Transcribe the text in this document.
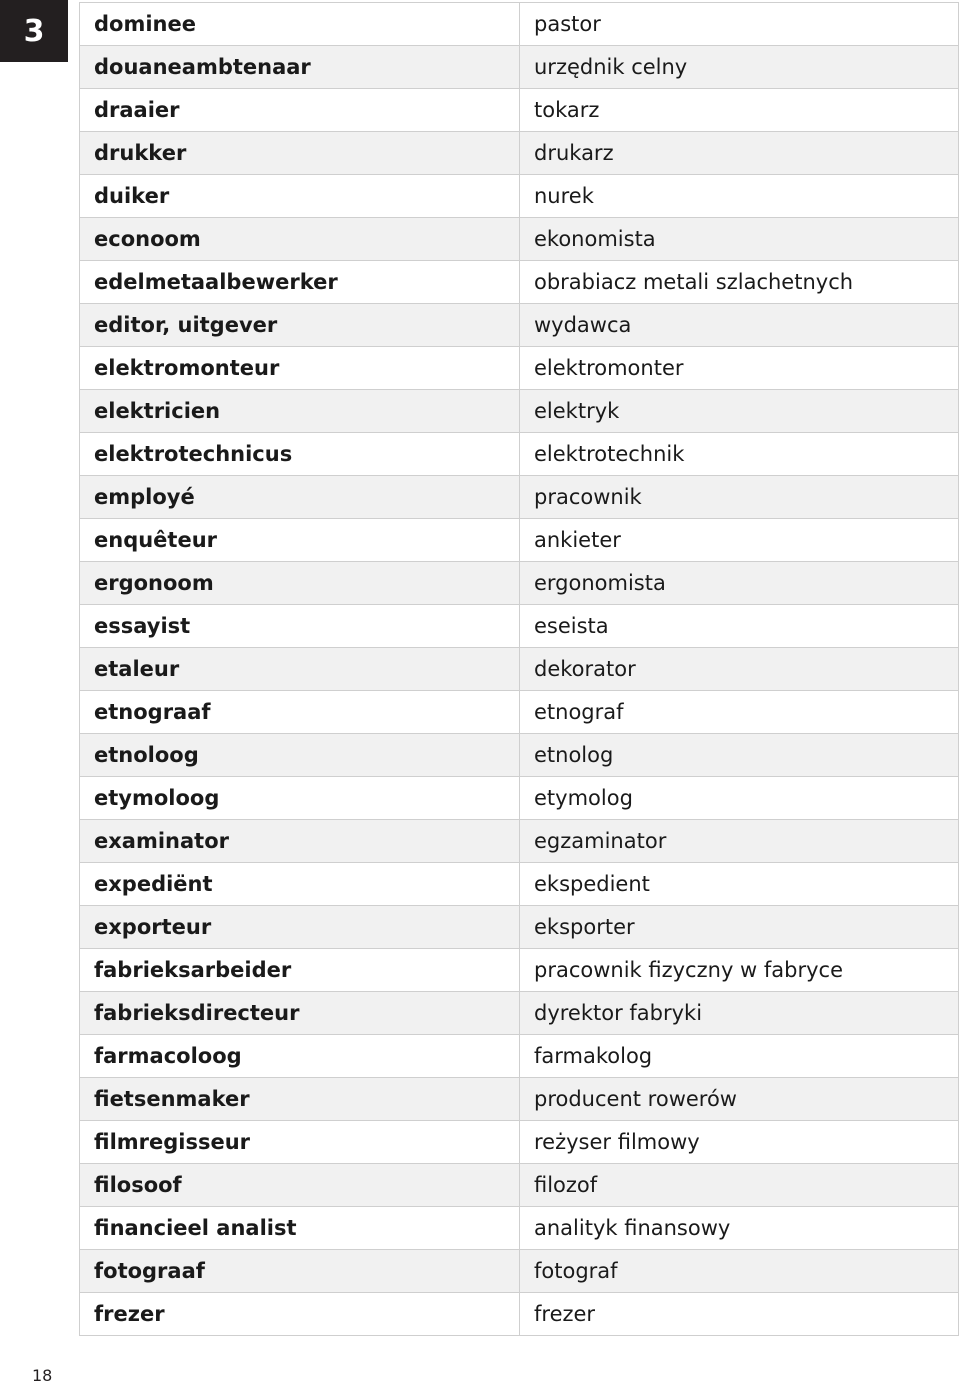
3	dominee	pastor
douaneambtenaar	urzędnik celny
draaier	tokarz
drukker	drukarz
duiker	nurek
econoom	ekonomista
edelmetaalbewerker	obrabiacz metali szlachetnych
editor, uitgever	wydawca
elektromonteur	elektromonter
elektricien	elektryk
elektrotechnicus	elektrotechnik
employé	pracownik
enquêteur	ankieter
ergonoom	ergonomista
essayist	eseista
etaleur	dekorator
etnograaf	etnograf
etnoloog	etnolog
etymoloog	etymolog
examinator	egzaminator
expediënt	ekspedient
exporteur	eksporter
fabrieksarbeider	pracownik fizyczny w fabryce
fabrieksdirecteur	dyrektor fabryki
farmacoloog	farmakolog
fietsenmaker	producent rowerów
filmregisseur	reżyser filmowy
filosoof	filozof
financieel analist	analityk finansowy
fotograaf	fotograf
frezer	frezer
18
